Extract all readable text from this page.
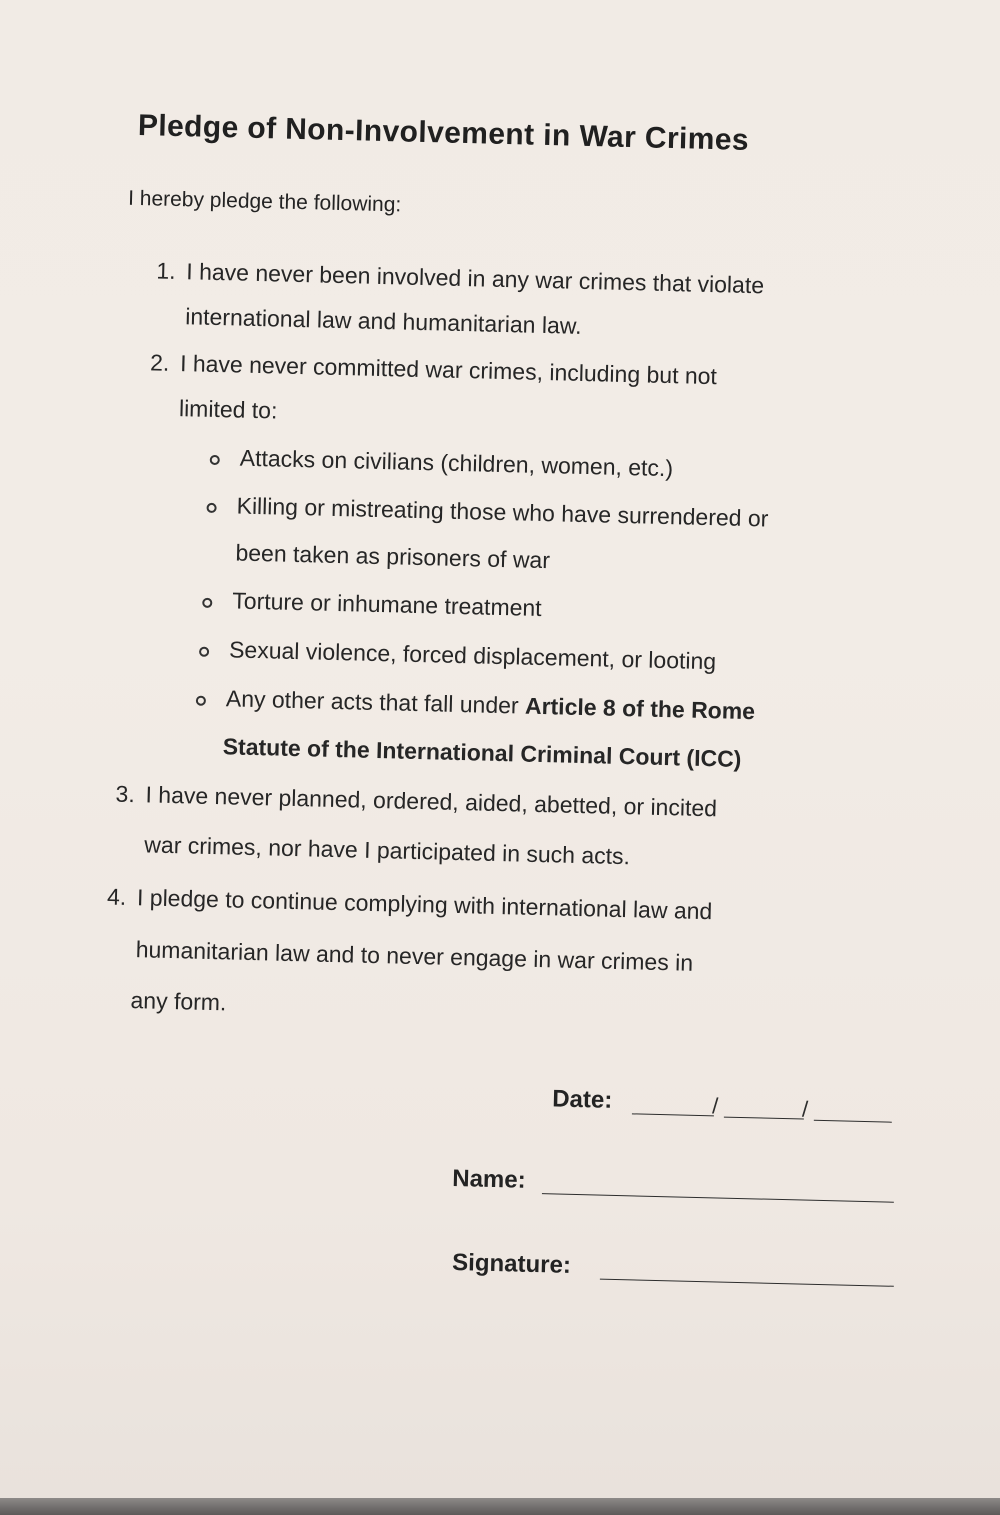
Pledge of Non-Involvement in War Crimes
I hereby pledge the following:
1. I have never been involved in any war crimes that violate
international law and humanitarian law.
2. I have never committed war crimes, including but not
limited to:
Attacks on civilians (children, women, etc.)
Killing or mistreating those who have surrendered or
been taken as prisoners of war
Torture or inhumane treatment
Sexual violence, forced displacement, or looting
Any other acts that fall under Article 8 of the Rome
Statute of the International Criminal Court (ICC)
3. I have never planned, ordered, aided, abetted, or incited
war crimes, nor have I participated in such acts.
4. I pledge to continue complying with international law and
humanitarian law and to never engage in war crimes in
any form.
Date:	/	/
Name:
Signature:
